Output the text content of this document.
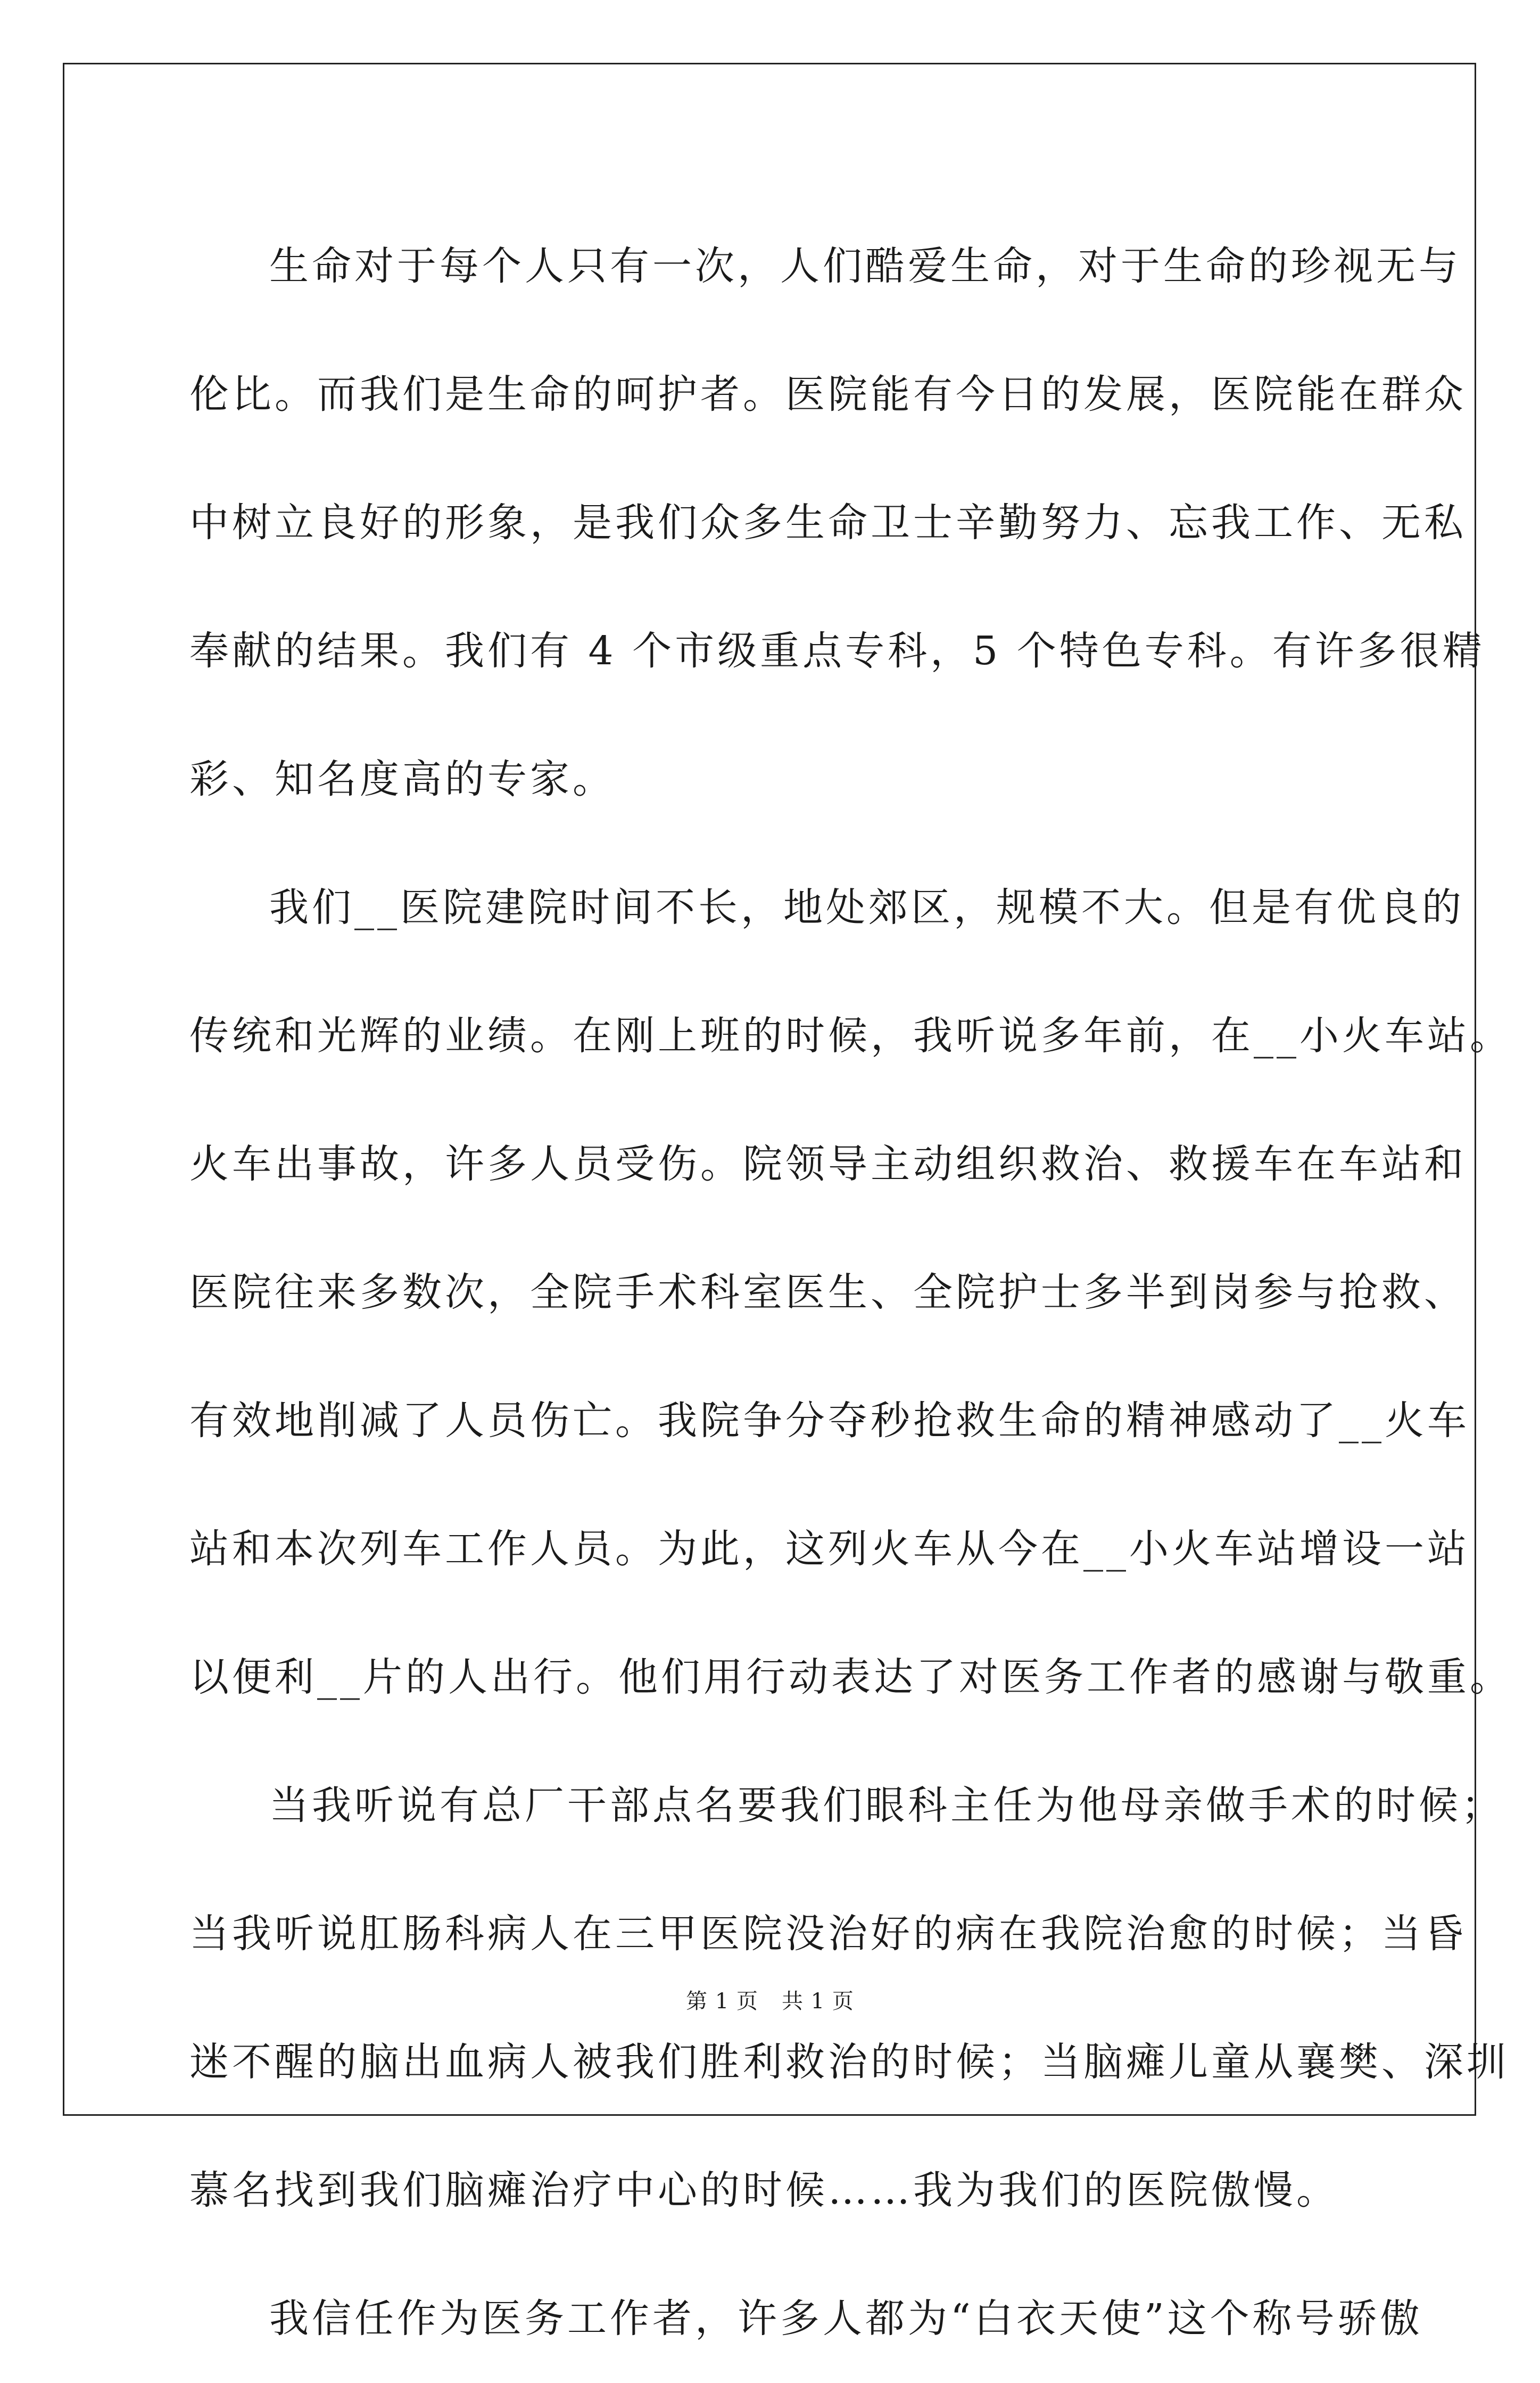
生命对于每个人只有一次，人们酷爱生命，对于生命的珍视无与
伦比。而我们是生命的呵护者。医院能有今日的发展，医院能在群众
中树立良好的形象，是我们众多生命卫士辛勤努力、忘我工作、无私
奉献的结果。我们有 4 个市级重点专科，5 个特色专科。有许多很精
彩、知名度高的专家。

我们__医院建院时间不长，地处郊区，规模不大。但是有优良的
传统和光辉的业绩。在刚上班的时候，我听说多年前，在__小火车站。
火车出事故，许多人员受伤。院领导主动组织救治、救援车在车站和
医院往来多数次，全院手术科室医生、全院护士多半到岗参与抢救、
有效地削减了人员伤亡。我院争分夺秒抢救生命的精神感动了__火车
站和本次列车工作人员。为此，这列火车从今在__小火车站增设一站
以便利__片的人出行。他们用行动表达了对医务工作者的感谢与敬重。

当我听说有总厂干部点名要我们眼科主任为他母亲做手术的时候；
当我听说肛肠科病人在三甲医院没治好的病在我院治愈的时候；当昏
迷不醒的脑出血病人被我们胜利救治的时候；当脑瘫儿童从襄樊、深圳
慕名找到我们脑瘫治疗中心的时候……我为我们的医院傲慢。

我信任作为医务工作者，许多人都为“白衣天使”这个称号骄傲

第 1 页 共 1 页
